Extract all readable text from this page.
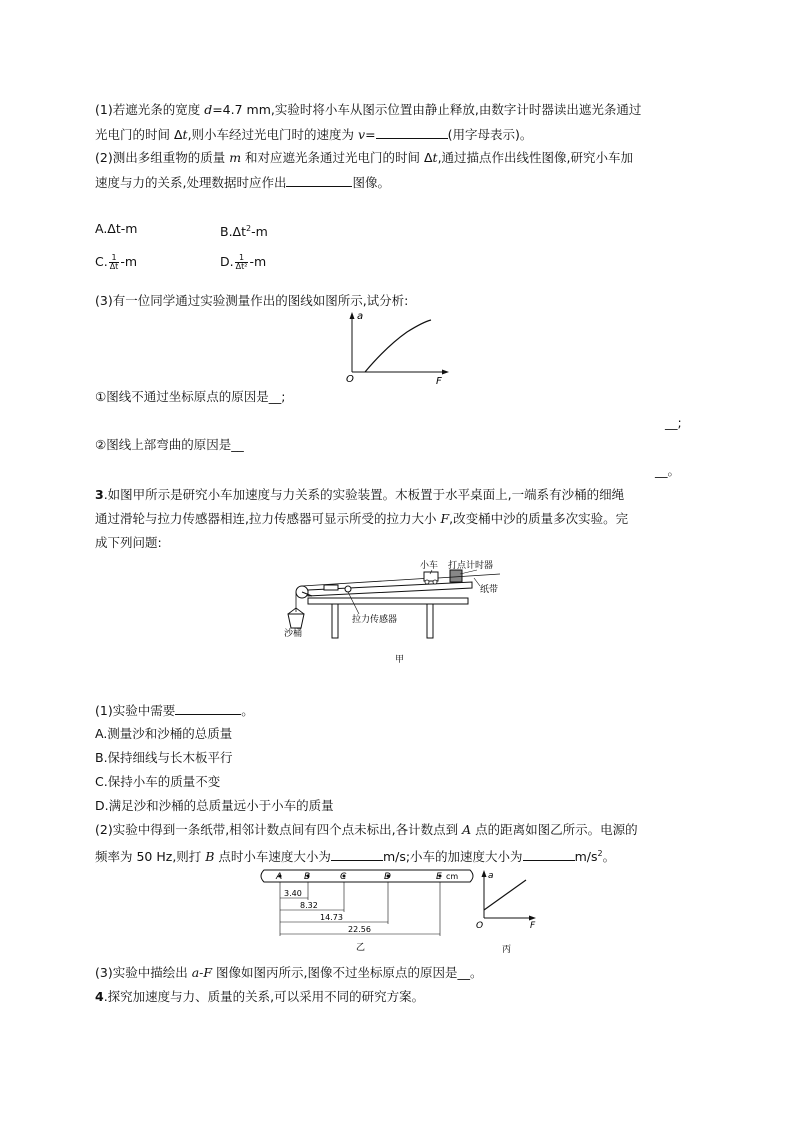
(1)若遮光条的宽度 d=4.7 mm,实验时将小车从图示位置由静止释放,由数字计时器读出遮光条通过
光电门的时间 Δt,则小车经过光电门时的速度为 v=	(用字母表示)。
(2)测出多组重物的质量 m 和对应遮光条通过光电门的时间 Δt,通过描点作出线性图像,研究小车加
速度与力的关系,处理数据时应作出	图像。
A.Δt-m	$B.\Delta t^2-m$
C. $\frac{1}{\Delta t} -m$	D. $\frac{1}{\text{Δt²}} -m$
(3)有一位同学通过实验测量作出的图线如图所示,试分析:
a
O	F
①图线不通过坐标原点的原因是__;
__;
②图线上部弯曲的原因是__
__。
3.如图甲所示是研究小车加速度与力关系的实验装置。木板置于水平桌面上,一端系有沙桶的细绳
通过滑轮与拉力传感器相连,拉力传感器可显示所受的拉力大小 F,改变桶中沙的质量多次实验。完
成下列问题:
小车 打点计时器
纸带
沙桶
拉力传感器
甲
(1)实验中需要	。
A.测量沙和沙桶的总质量
B.保持细线与长木板平行
C.保持小车的质量不变
D.满足沙和沙桶的总质量远小于小车的质量
(2)实验中得到一条纸带,相邻计数点间有四个点未标出,各计数点到 A 点的距离如图乙所示。电源的
频率为 50 Hz,则打 B 点时小车速度大小为	m/s;小车的加速度大小为	$m/s^2$。
A B	C	D	E cm
3.40
8.32
14.73
22.56
乙
a
O	F
丙
(3)实验中描绘出 a-F 图像如图丙所示,图像不过坐标原点的原因是__。
4.探究加速度与力、质量的关系,可以采用不同的研究方案。
